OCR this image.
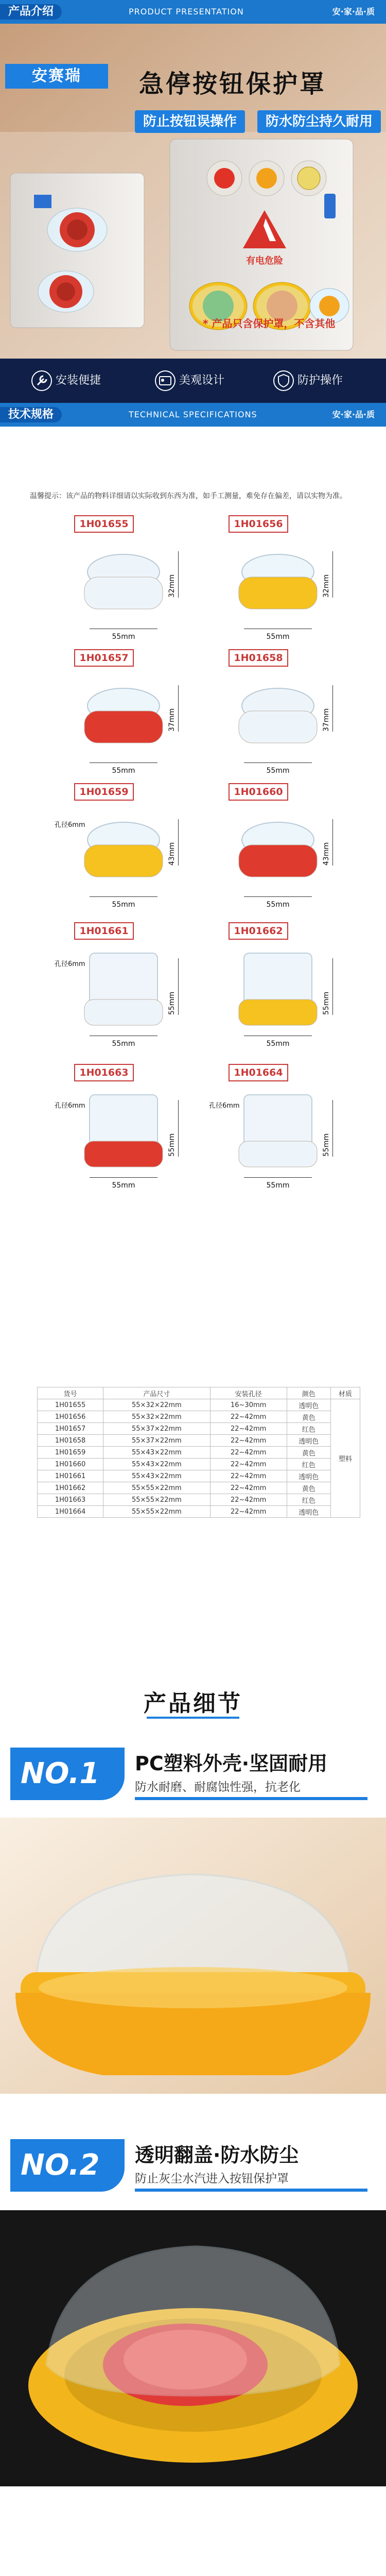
产品介绍	PRODUCT PRESENTATION	安·家·品·质
有电危险
安赛瑞	急停按钮保护罩
防止按钮误操作	防水防尘持久耐用
* 产品只含保护罩，不含其他
安装便捷	美观设计	防护操作
技术规格	TECHNICAL SPECIFICATIONS	安·家·品·质
温馨提示：该产品的物料详细请以实际收到东西为准，如手工测量，难免存在偏差，请以实物为准。
1H01655
32mm
55mm
1H01656
32mm
55mm
1H01657
37mm
55mm
1H01658
37mm
55mm
1H01659
孔径6mm
43mm
55mm
1H01660
43mm
55mm
1H01661
孔径6mm
55mm
55mm
1H01662
55mm
55mm
1H01663
孔径6mm
55mm
55mm
1H01664
孔径6mm
55mm
55mm
货号	产品尺寸	安装孔径	颜色	材质
1H01655	55×32×22mm	16~30mm	透明色	塑料
1H01656	55×32×22mm	22~42mm	黄色	
1H01657	55×37×22mm	22~42mm	红色	
1H01658	55×37×22mm	22~42mm	透明色	
1H01659	55×43×22mm	22~42mm	黄色	
1H01660	55×43×22mm	22~42mm	红色	
1H01661	55×43×22mm	22~42mm	透明色	
1H01662	55×55×22mm	22~42mm	黄色	
1H01663	55×55×22mm	22~42mm	红色	
1H01664	55×55×22mm	22~42mm	透明色	
产品细节
NO.1	PC塑料外壳·坚固耐用
防水耐磨、耐腐蚀性强，抗老化
NO.2	透明翻盖·防水防尘
防止灰尘水汽进入按钮保护罩
